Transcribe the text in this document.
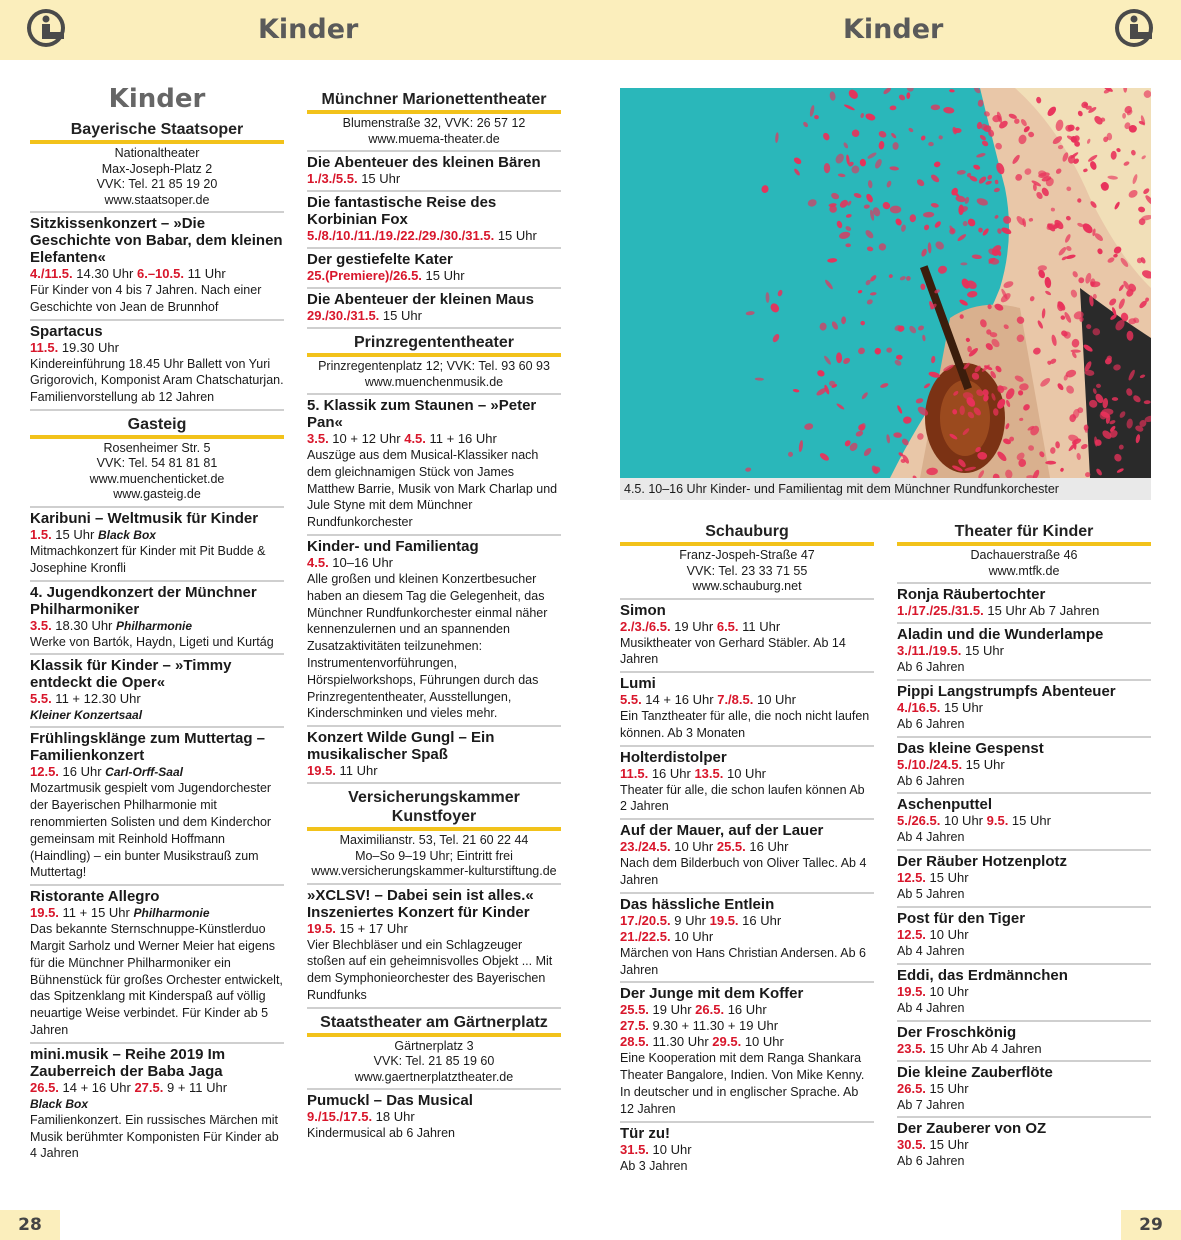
Kinder	Kinder
Kinder
Bayerische Staatsoper
Nationaltheater
Max-Joseph-Platz 2
VVK: Tel. 21 85 19 20
www.staatsoper.de
Sitzkissenkonzert – »Die Geschichte von Babar, dem kleinen Elefanten«
4./11.5. 14.30 Uhr 6.–10.5. 11 Uhr
Für Kinder von 4 bis 7 Jahren. Nach einer Geschichte von Jean de Brunnhof
Spartacus
11.5. 19.30 Uhr
Kindereinführung 18.45 Uhr Ballett von Yuri Grigorovich, Komponist Aram Chatschaturjan. Familienvorstellung ab 12 Jahren
Gasteig
Rosenheimer Str. 5
VVK: Tel. 54 81 81 81
www.muenchenticket.de
www.gasteig.de
Karibuni – Weltmusik für Kinder
1.5. 15 Uhr Black Box
Mitmachkonzert für Kinder mit Pit Budde & Josephine Kronfli
4. Jugendkonzert der Münchner Philharmoniker
3.5. 18.30 Uhr Philharmonie
Werke von Bartók, Haydn, Ligeti und Kurtág
Klassik für Kinder – »Timmy entdeckt die Oper«
5.5. 11 + 12.30 Uhr
Kleiner Konzertsaal
Frühlingsklänge zum Muttertag – Familienkonzert
12.5. 16 Uhr Carl-Orff-Saal
Mozartmusik gespielt vom Jugendorchester der Bayerischen Philharmonie mit renommierten Solisten und dem Kinderchor gemeinsam mit Reinhold Hoffmann (Haindling) – ein bunter Musikstrauß zum Muttertag!
Ristorante Allegro
19.5. 11 + 15 Uhr Philharmonie
Das bekannte Sternschnuppe-Künstlerduo Margit Sarholz und Werner Meier hat eigens für die Münchner Philharmoniker ein Bühnenstück für großes Orchester entwickelt, das Spitzenklang mit Kinderspaß auf völlig neuartige Weise verbindet. Für Kinder ab 5 Jahren
mini.musik – Reihe 2019 Im Zauberreich der Baba Jaga
26.5. 14 + 16 Uhr 27.5. 9 + 11 Uhr
Black Box
Familienkonzert. Ein russisches Märchen mit Musik berühmter Komponisten Für Kinder ab 4 Jahren
Münchner Marionettentheater
Blumenstraße 32, VVK: 26 57 12
www.muema-theater.de
Die Abenteuer des kleinen Bären
1./3./5.5. 15 Uhr
Die fantastische Reise des Korbinian Fox
5./8./10./11./19./22./29./30./31.5. 15 Uhr
Der gestiefelte Kater
25.(Premiere)/26.5. 15 Uhr
Die Abenteuer der kleinen Maus
29./30./31.5. 15 Uhr
Prinzregententheater
Prinzregentenplatz 12; VVK: Tel. 93 60 93
www.muenchenmusik.de
5. Klassik zum Staunen – »Peter Pan«
3.5. 10 + 12 Uhr 4.5. 11 + 16 Uhr
Auszüge aus dem Musical-Klassiker nach dem gleichnamigen Stück von James Matthew Barrie, Musik von Mark Charlap und Jule Styne mit dem Münchner Rundfunkorchester
Kinder- und Familientag
4.5. 10–16 Uhr
Alle großen und kleinen Konzertbesucher haben an diesem Tag die Gelegenheit, das Münchner Rundfunkorchester einmal näher kennenzulernen und an spannenden Zusatzaktivitäten teilzunehmen: Instrumentenvorführungen, Hörspielworkshops, Führungen durch das Prinzregententheater, Ausstellungen, Kinderschminken und vieles mehr.
Konzert Wilde Gungl – Ein musikalischer Spaß
19.5. 11 Uhr
Versicherungskammer Kunstfoyer
Maximilianstr. 53, Tel. 21 60 22 44
Mo–So 9–19 Uhr; Eintritt frei
www.versicherungskammer-kulturstiftung.de
»XCLSV! – Dabei sein ist alles.« Inszeniertes Konzert für Kinder
19.5. 15 + 17 Uhr
Vier Blechbläser und ein Schlagzeuger stoßen auf ein geheimnisvolles Objekt ... Mit dem Symphonieorchester des Bayerischen Rundfunks
Staatstheater am Gärtnerplatz
Gärtnerplatz 3
VVK: Tel. 21 85 19 60
www.gaertnerplatztheater.de
Pumuckl – Das Musical
9./15./17.5. 18 Uhr
Kindermusical ab 6 Jahren
© Mlerwa Kluska
4.5. 10–16 Uhr Kinder- und Familientag mit dem Münchner Rundfunkorchester
Schauburg
Franz-Jospeh-Straße 47
VVK: Tel. 23 33 71 55
www.schauburg.net
Simon
2./3./6.5. 19 Uhr 6.5. 11 Uhr
Musiktheater von Gerhard Stäbler. Ab 14 Jahren
Lumi
5.5. 14 + 16 Uhr 7./8.5. 10 Uhr
Ein Tanztheater für alle, die noch nicht laufen können. Ab 3 Monaten
Holterdistolper
11.5. 16 Uhr 13.5. 10 Uhr
Theater für alle, die schon laufen können Ab 2 Jahren
Auf der Mauer, auf der Lauer
23./24.5. 10 Uhr 25.5. 16 Uhr
Nach dem Bilderbuch von Oliver Tallec. Ab 4 Jahren
Das hässliche Entlein
17./20.5. 9 Uhr 19.5. 16 Uhr
21./22.5. 10 Uhr
Märchen von Hans Christian Andersen. Ab 6 Jahren
Der Junge mit dem Koffer
25.5. 19 Uhr 26.5. 16 Uhr
27.5. 9.30 + 11.30 + 19 Uhr
28.5. 11.30 Uhr 29.5. 10 Uhr
Eine Kooperation mit dem Ranga Shankara Theater Bangalore, Indien. Von Mike Kenny. In deutscher und in englischer Sprache. Ab 12 Jahren
Tür zu!
31.5. 10 Uhr
Ab 3 Jahren
Theater für Kinder
Dachauerstraße 46
www.mtfk.de
Ronja Räubertochter
1./17./25./31.5. 15 Uhr Ab 7 Jahren
Aladin und die Wunderlampe
3./11./19.5. 15 Uhr
Ab 6 Jahren
Pippi Langstrumpfs Abenteuer
4./16.5. 15 Uhr
Ab 6 Jahren
Das kleine Gespenst
5./10./24.5. 15 Uhr
Ab 6 Jahren
Aschenputtel
5./26.5. 10 Uhr 9.5. 15 Uhr
Ab 4 Jahren
Der Räuber Hotzenplotz
12.5. 15 Uhr
Ab 5 Jahren
Post für den Tiger
12.5. 10 Uhr
Ab 4 Jahren
Eddi, das Erdmännchen
19.5. 10 Uhr
Ab 4 Jahren
Der Froschkönig
23.5. 15 Uhr Ab 4 Jahren
Die kleine Zauberflöte
26.5. 15 Uhr
Ab 7 Jahren
Der Zauberer von OZ
30.5. 15 Uhr
Ab 6 Jahren
28	29
